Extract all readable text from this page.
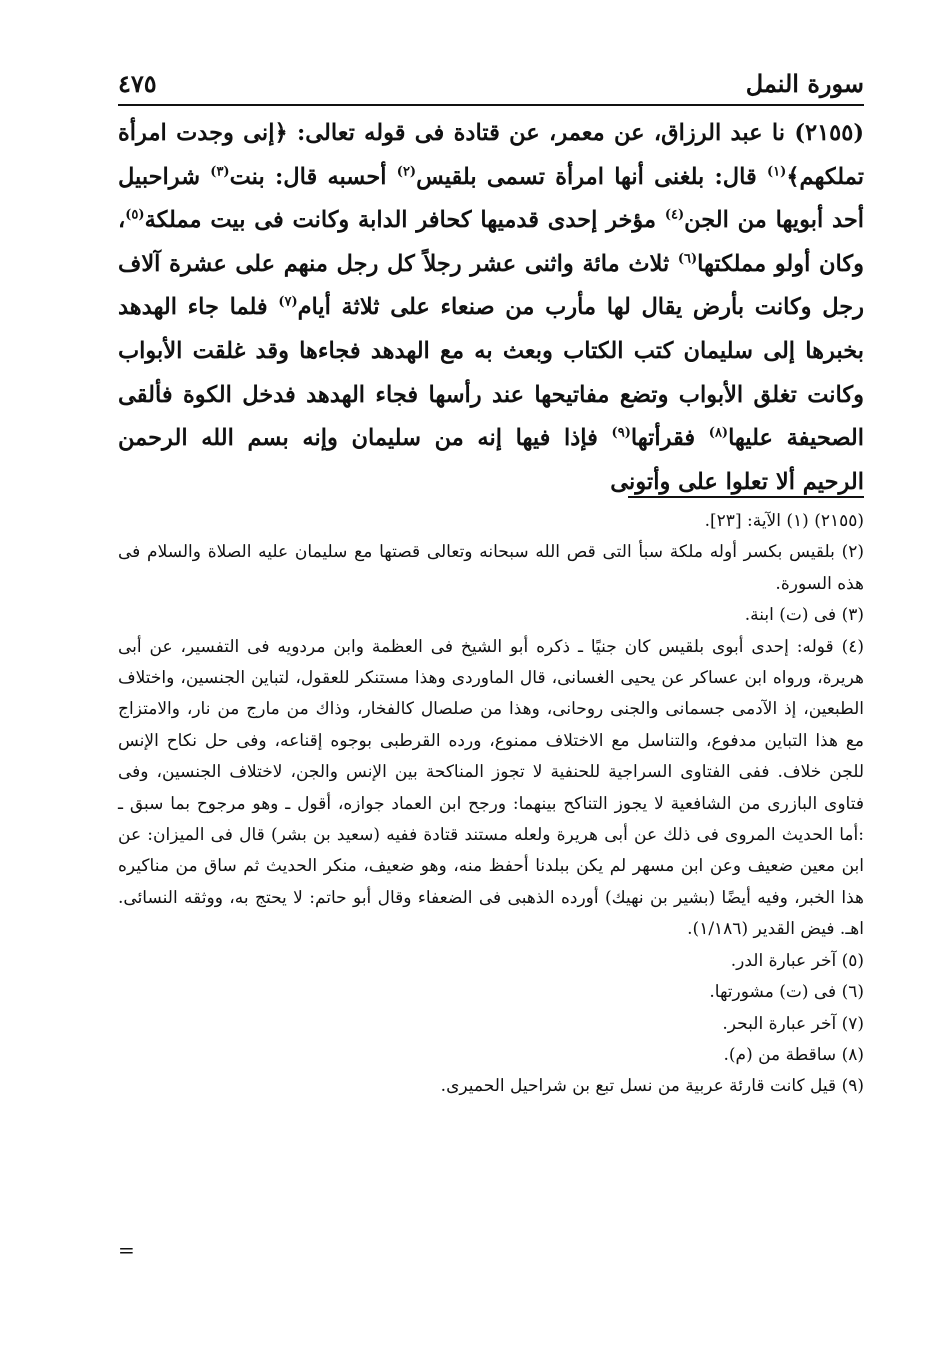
سورة النمل
٤٧٥

(٢١٥٥) نا عبد الرزاق، عن معمر، عن قتادة فى قوله تعالى: ﴿إنى وجدت امرأة تملكهم﴾$^{(١)}$ قال: بلغنى أنها امرأة تسمى بلقيس$^{(٢)}$ أحسبه قال: بنت$^{(٣)}$ شراحبيل أحد أبويها من الجن$^{(٤)}$ مؤخر إحدى قدميها كحافر الدابة وكانت فى بيت مملكة$^{(٥)}$، وكان أولو مملكتها$^{(٦)}$ ثلاث مائة واثنى عشر رجلاً كل رجل منهم على عشرة آلاف رجل وكانت بأرض يقال لها مأرب من صنعاء على ثلاثة أيام$^{(٧)}$ فلما جاء الهدهد بخبرها إلى سليمان كتب الكتاب وبعث به مع الهدهد فجاءها وقد غلقت الأبواب وكانت تغلق الأبواب وتضع مفاتيحها عند رأسها فجاء الهدهد فدخل الكوة فألقى الصحيفة عليها$^{(٨)}$ فقرأتها$^{(٩)}$ فإذا فيها إنه من سليمان وإنه بسم الله الرحمن الرحيم ألا تعلوا على وأتونى

(٢١٥٥) (١) الآية: [٢٣].

(٢) بلقيس بكسر أوله ملكة سبأ التى قص الله سبحانه وتعالى قصتها مع سليمان عليه الصلاة والسلام فى هذه السورة.

(٣) فى (ت) ابنة.

(٤) قوله: إحدى أبوى بلقيس كان جنيًا ـ ذكره أبو الشيخ فى العظمة وابن مردويه فى التفسير، عن أبى هريرة، ورواه ابن عساكر عن يحيى الغسانى، قال الماوردى وهذا مستنكر للعقول، لتباين الجنسين، واختلاف الطبعين، إذ الآدمى جسمانى والجنى روحانى، وهذا من صلصال كالفخار، وذاك من مارج من نار، والامتزاج مع هذا التباين مدفوع، والتناسل مع الاختلاف ممنوع، ورده القرطبى بوجوه إقناعه، وفى حل نكاح الإنس للجن خلاف. ففى الفتاوى السراجية للحنفية لا تجوز المناكحة بين الإنس والجن، لاختلاف الجنسين، وفى فتاوى البازرى من الشافعية لا يجوز التناكح بينهما: ورجح ابن العماد جوازه، أقول ـ وهو مرجوح بما سبق ـ :أما الحديث المروى فى ذلك عن أبى هريرة ولعله مستند قتادة ففيه (سعيد بن بشر) قال فى الميزان: عن ابن معين ضعيف وعن ابن مسهر لم يكن ببلدنا أحفظ منه، وهو ضعيف، منكر الحديث ثم ساق من مناكيره هذا الخبر، وفيه أيضًا (بشير بن نهيك) أورده الذهبى فى الضعفاء وقال أبو حاتم: لا يحتج به، ووثقه النسائى. اهـ. فيض القدير (١/١٨٦).

(٥) آخر عبارة الدر.

(٦) فى (ت) مشورتها.

(٧) آخر عبارة البحر.

(٨) ساقطة من (م).

(٩) قيل كانت قارئة عربية من نسل تبع بن شراحيل الحميرى.

=
